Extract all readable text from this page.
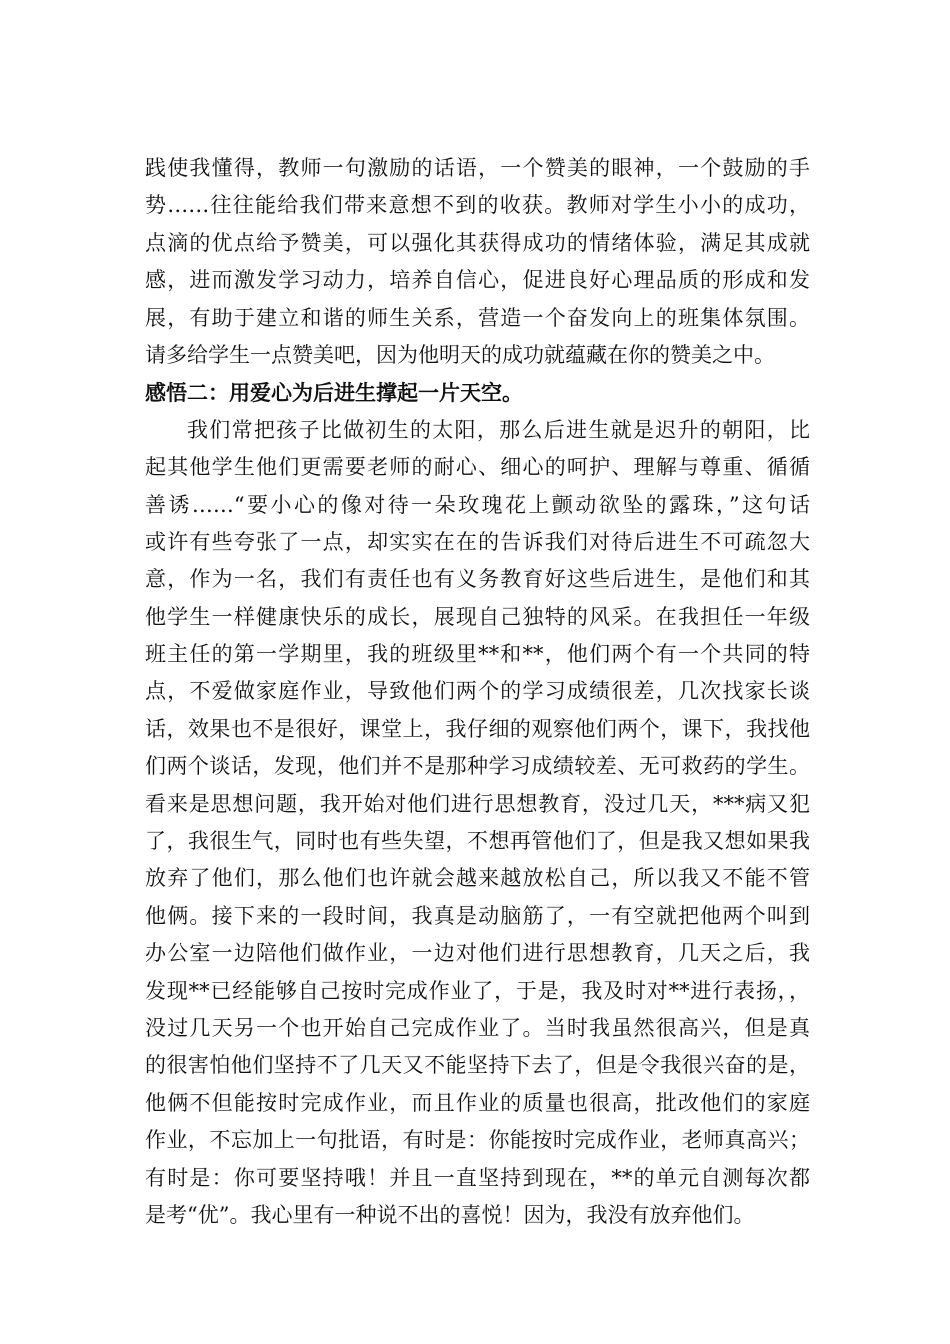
践使我懂得，教师一句激励的话语，一个赞美的眼神，一个鼓励的手
势……往往能给我们带来意想不到的收获。教师对学生小小的成功，
点滴的优点给予赞美，可以强化其获得成功的情绪体验，满足其成就
感，进而激发学习动力，培养自信心，促进良好心理品质的形成和发
展，有助于建立和谐的师生关系，营造一个奋发向上的班集体氛围。
请多给学生一点赞美吧，因为他明天的成功就蕴藏在你的赞美之中。
感悟二：用爱心为后进生撑起一片天空。
我们常把孩子比做初生的太阳，那么后进生就是迟升的朝阳，比
起其他学生他们更需要老师的耐心、细心的呵护、理解与尊重、循循
善诱……“要小心的像对待一朵玫瑰花上颤动欲坠的露珠，”这句话
或许有些夸张了一点，却实实在在的告诉我们对待后进生不可疏忽大
意，作为一名，我们有责任也有义务教育好这些后进生，是他们和其
他学生一样健康快乐的成长，展现自己独特的风采。在我担任一年级
班主任的第一学期里，我的班级里**和**，他们两个有一个共同的特
点，不爱做家庭作业，导致他们两个的学习成绩很差，几次找家长谈
话，效果也不是很好，课堂上，我仔细的观察他们两个，课下，我找他
们两个谈话，发现，他们并不是那种学习成绩较差、无可救药的学生。
看来是思想问题，我开始对他们进行思想教育，没过几天，***病又犯
了，我很生气，同时也有些失望，不想再管他们了，但是我又想如果我
放弃了他们，那么他们也许就会越来越放松自己，所以我又不能不管
他俩。接下来的一段时间，我真是动脑筋了，一有空就把他两个叫到
办公室一边陪他们做作业，一边对他们进行思想教育，几天之后，我
发现**已经能够自己按时完成作业了，于是，我及时对**进行表扬，，
没过几天另一个也开始自己完成作业了。当时我虽然很高兴，但是真
的很害怕他们坚持不了几天又不能坚持下去了，但是令我很兴奋的是，
他俩不但能按时完成作业，而且作业的质量也很高，批改他们的家庭
作业，不忘加上一句批语，有时是：你能按时完成作业，老师真高兴；
有时是：你可要坚持哦！并且一直坚持到现在，**的单元自测每次都
是考“优”。我心里有一种说不出的喜悦！因为，我没有放弃他们。
